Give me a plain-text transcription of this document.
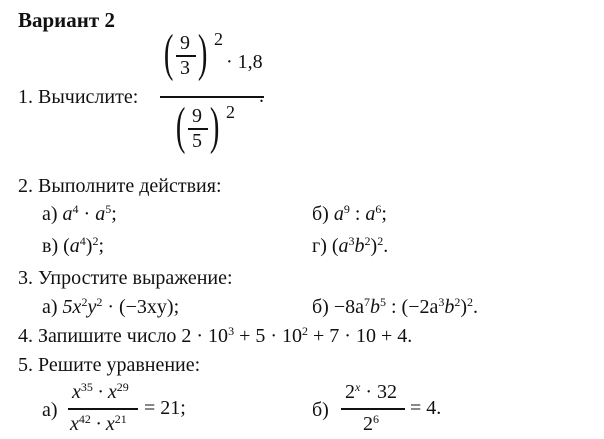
Вариант 2
1. Вычислите:
( 9
3 ) 2
· 1,8
.
( 9
5 ) 2
2. Выполните действия:
а) $a^4 \cdot a^5$;	б) $a^9$ : $a^6$;
в) $(a^4)^2$;	г) $(a^3b^2)^2$.
3. Упростите выражение:
а) $5x^2y^2 \cdot (-3xy)$;	$б) -8a^7b^5$ : $(-2a^3b^2)^2$.
4. Запишите число $2 \cdot 10^3 + 5 \cdot 10^2 + 7 \cdot 10 + 4$.
5. Решите уравнение:
а)
$x^{35} \cdot x^{29}$
$x^{42} \cdot x^{21} = 21$;	б)
$2^x \cdot 32$
$2^6 = 4$.
